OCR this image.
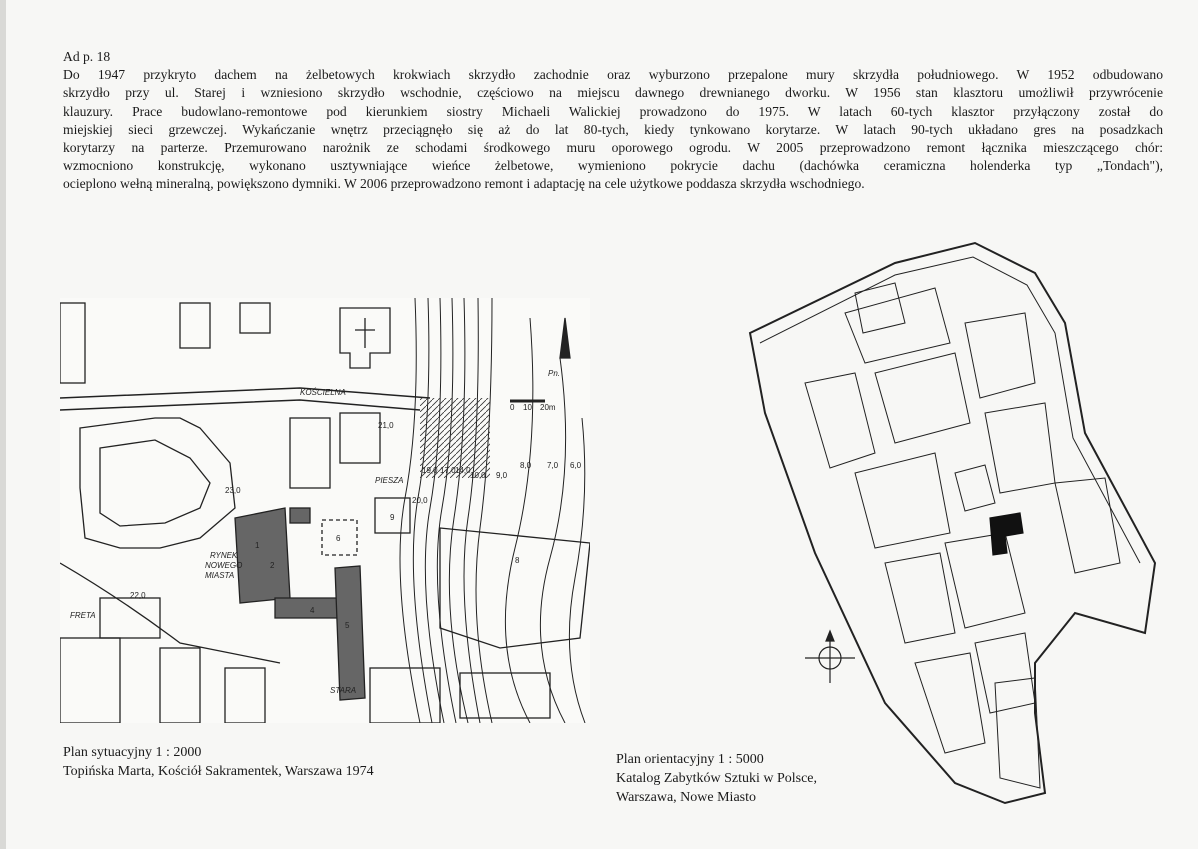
Ad p. 18
Do 1947 przykryto dachem na żelbetowych krokwiach skrzydło zachodnie oraz wyburzono przepalone mury skrzydła południowego. W 1952 odbudowano
skrzydło przy ul. Starej i wzniesiono skrzydło wschodnie, częściowo na miejscu dawnego drewnianego dworku. W 1956 stan klasztoru umożliwił przywrócenie
klauzury. Prace budowlano-remontowe pod kierunkiem siostry Michaeli Walickiej prowadzono do 1975. W latach 60-tych klasztor przyłączony został do
miejskiej sieci grzewczej. Wykańczanie wnętrz przeciągnęło się aż do lat 80-tych, kiedy tynkowano korytarze. W latach 90-tych układano gres na posadzkach
korytarzy na parterze. Przemurowano narożnik ze schodami środkowego muru oporowego ogrodu. W 2005 przeprowadzono remont łącznika mieszczącego chór:
wzmocniono konstrukcję, wykonano usztywniające wieńce żelbetowe, wymieniono pokrycie dachu (dachówka ceramiczna holenderka typ „Tondach"),
ocieplono wełną mineralną, powiększono dymniki. W 2006 przeprowadzono remont i adaptację na cele użytkowe poddasza skrzydła wschodniego.
KOŚCIELNA
PIESZA
STARA
FRETA
RYNEK
NOWEGO
MIASTA
23,0
22,0
21,0
20,0
19,0 17,0 14,0
10,0 9,0
8,0 7,0 6,0
1
2
4
5
6
8
9
Pn.
0 10 20m
Plan sytuacyjny 1 : 2000
Topińska Marta, Kościół Sakramentek, Warszawa 1974
Plan orientacyjny 1 : 5000
Katalog Zabytków Sztuki w Polsce,
Warszawa, Nowe Miasto
